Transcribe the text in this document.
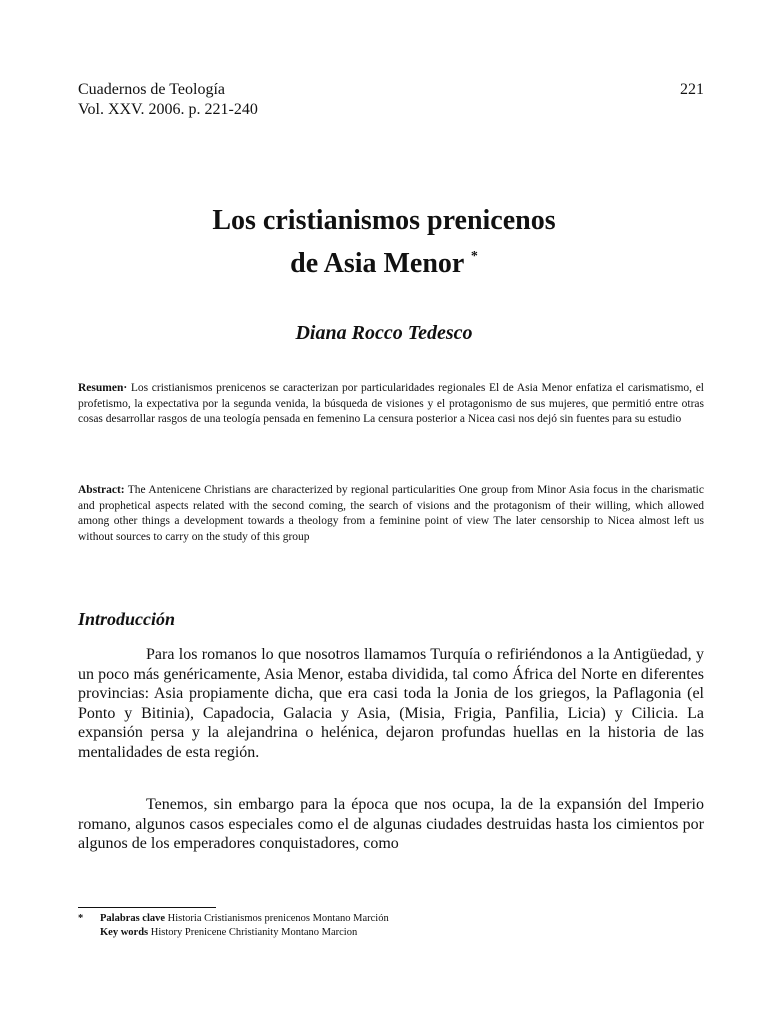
Cuadernos de Teología
Vol. XXV. 2006. p. 221-240
221
Los cristianismos prenicenos
de Asia Menor *
Diana Rocco Tedesco

Resumen· Los cristianismos prenicenos se caracterizan por particularidades regionales El de Asia Menor enfatiza el carismatismo, el profetismo, la expectativa por la segunda venida, la búsqueda de visiones y el protagonismo de sus mujeres, que permitió entre otras cosas desarrollar rasgos de una teología pensada en femenino La censura posterior a Nicea casi nos dejó sin fuentes para su estudio

Abstract: The Antenicene Christians are characterized by regional particularities One group from Minor Asia focus in the charismatic and prophetical aspects related with the second coming, the search of visions and the protagonism of their willing, which allowed among other things a development towards a theology from a feminine point of view The later censorship to Nicea almost left us without sources to carry on the study of this group

Introducción

Para los romanos lo que nosotros llamamos Turquía o refiriéndonos a la Antigüedad, y un poco más genéricamente, Asia Menor, estaba dividida, tal como África del Norte en diferentes provincias: Asia propiamente dicha, que era casi toda la Jonia de los griegos, la Paflagonia (el Ponto y Bitinia), Capadocia, Galacia y Asia, (Misia, Frigia, Panfilia, Licia) y Cilicia. La expansión persa y la alejandrina o helénica, dejaron profundas huellas en la historia de las mentalidades de esta región.

Tenemos, sin embargo para la época que nos ocupa, la de la expansión del Imperio romano, algunos casos especiales como el de algunas ciudades destruidas hasta los cimientos por algunos de los emperadores conquistadores, como

* Palabras clave Historia Cristianismos prenicenos Montano Marción
Key words History Prenicene Christianity Montano Marcion
